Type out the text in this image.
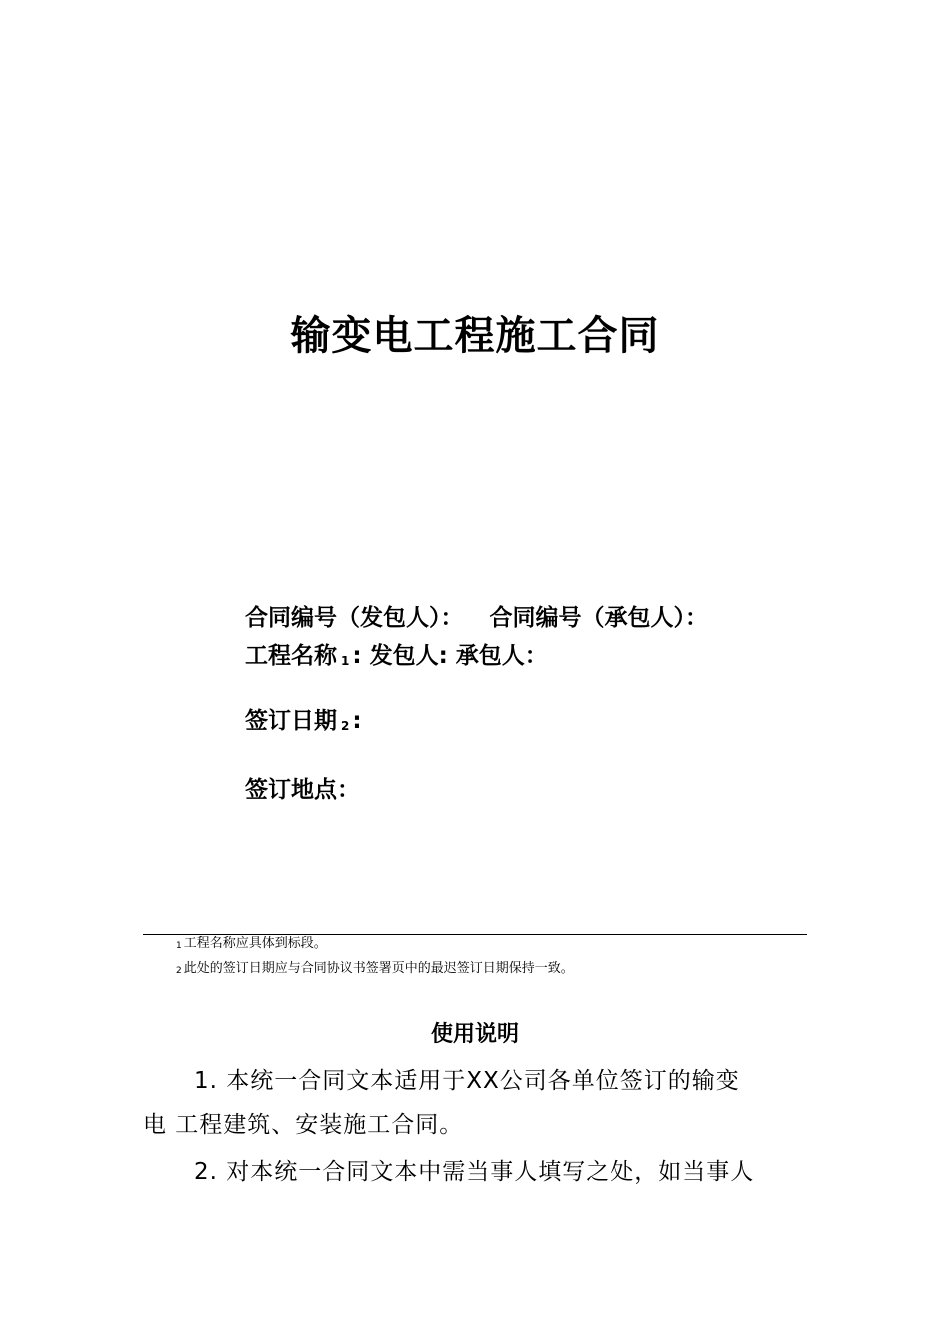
输变电工程施工合同
合同编号（发包人）： 合同编号（承包人）：
工程名称 $^1$ : 发包人: 承包人：
签订日期 $^2$ :
签订地点：
$^1$ 工程名称应具体到标段。
$^2$ 此处的签订日期应与合同协议书签署页中的最迟签订日期保持一致。
使用说明
1. 本统一合同文本适用于XX公司各单位签订的输变
电 工程建筑、安装施工合同。
2. 对本统一合同文本中需当事人填写之处，如当事人
